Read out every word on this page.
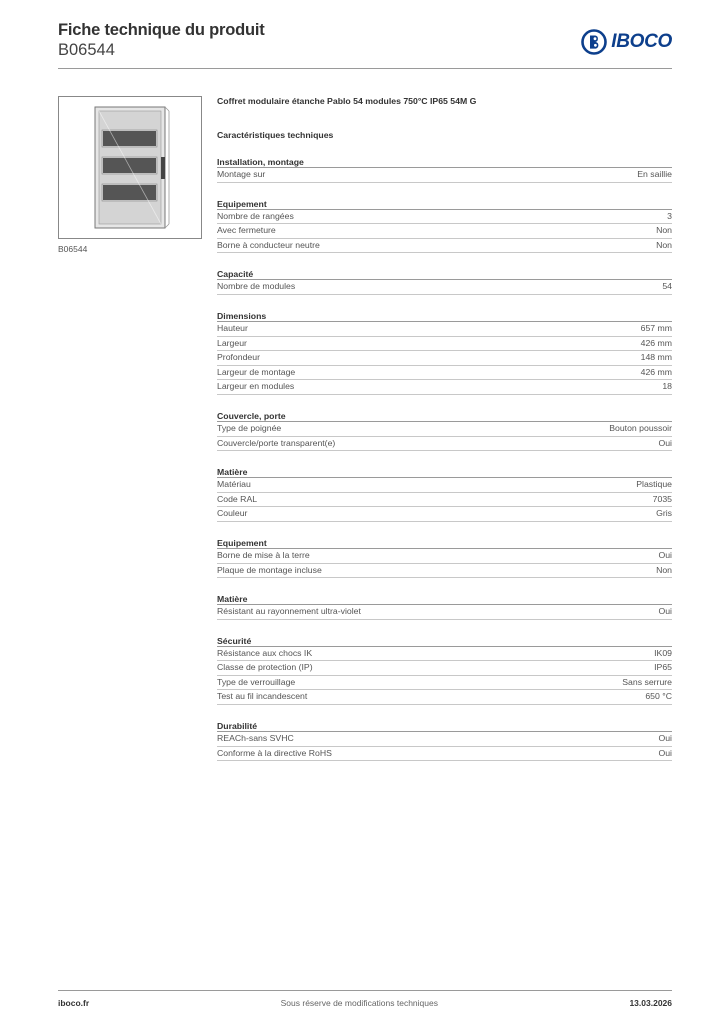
Fiche technique du produit
B06544	IBOCO
B06544
Coffret modulaire étanche Pablo 54 modules 750°C IP65 54M G
Caractéristiques techniques
Installation, montage
Montage sur	En saillie
Equipement
Nombre de rangées	3
Avec fermeture	Non
Borne à conducteur neutre	Non
Capacité
Nombre de modules	54
Dimensions
Hauteur	657 mm
Largeur	426 mm
Profondeur	148 mm
Largeur de montage	426 mm
Largeur en modules	18
Couvercle, porte
Type de poignée	Bouton poussoir
Couvercle/porte transparent(e)	Oui
Matière
Matériau	Plastique
Code RAL	7035
Couleur	Gris
Equipement
Borne de mise à la terre	Oui
Plaque de montage incluse	Non
Matière
Résistant au rayonnement ultra-violet	Oui
Sécurité
Résistance aux chocs IK	IK09
Classe de protection (IP)	IP65
Type de verrouillage	Sans serrure
Test au fil incandescent	650 °C
Durabilité
REACh-sans SVHC	Oui
Conforme à la directive RoHS	Oui
iboco.fr	Sous réserve de modifications techniques	13.03.2026
